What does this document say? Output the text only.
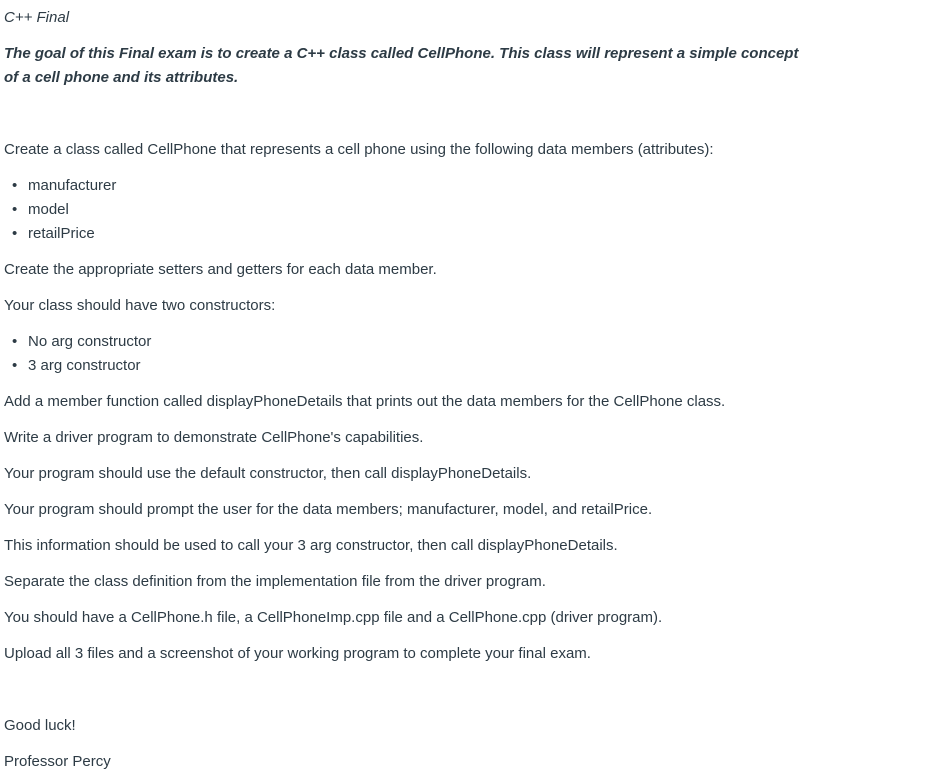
C++ Final
The goal of this Final exam is to create a C++ class called CellPhone. This class will represent a simple concept of a cell phone and its attributes.
Create a class called CellPhone that represents a cell phone using the following data members (attributes):
• manufacturer
• model
• retailPrice
Create the appropriate setters and getters for each data member.
Your class should have two constructors:
• No arg constructor
• 3 arg constructor
Add a member function called displayPhoneDetails that prints out the data members for the CellPhone class.
Write a driver program to demonstrate CellPhone's capabilities.
Your program should use the default constructor, then call displayPhoneDetails.
Your program should prompt the user for the data members; manufacturer, model, and retailPrice.
This information should be used to call your 3 arg constructor, then call displayPhoneDetails.
Separate the class definition from the implementation file from the driver program.
You should have a CellPhone.h file, a CellPhoneImp.cpp file and a CellPhone.cpp (driver program).
Upload all 3 files and a screenshot of your working program to complete your final exam.
Good luck!
Professor Percy
